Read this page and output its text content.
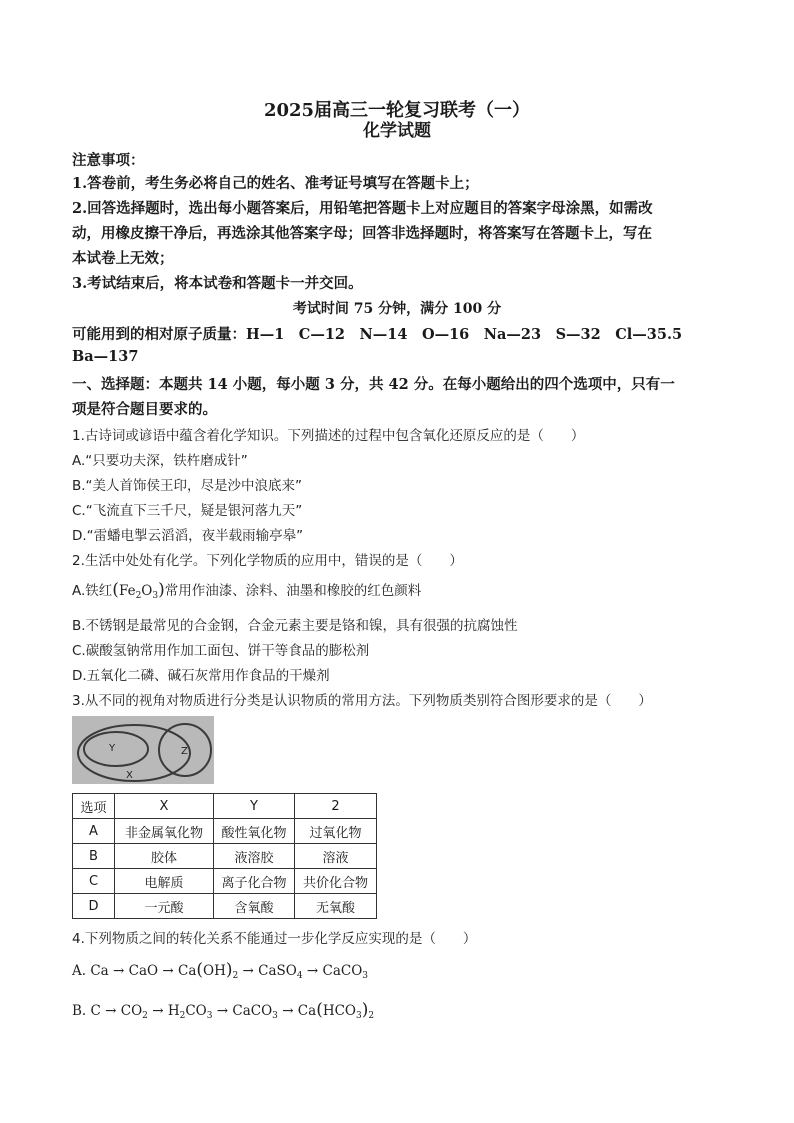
2025届高三一轮复习联考（一）
化学试题
注意事项：
1.答卷前，考生务必将自己的姓名、准考证号填写在答题卡上；
2.回答选择题时，选出每小题答案后，用铅笔把答题卡上对应题目的答案字母涂黑，如需改
动，用橡皮擦干净后，再选涂其他答案字母；回答非选择题时，将答案写在答题卡上，写在
本试卷上无效；
3.考试结束后，将本试卷和答题卡一并交回。
考试时间 75 分钟，满分 100 分
可能用到的相对原子质量：H—1　C—12　N—14　O—16　Na—23　S—32　Cl—35.5
Ba—137
一、选择题：本题共 14 小题，每小题 3 分，共 42 分。在每小题给出的四个选项中，只有一
项是符合题目要求的。
1.古诗词或谚语中蕴含着化学知识。下列描述的过程中包含氧化还原反应的是（　　）
A.“只要功夫深，铁杵磨成针”
B.“美人首饰侯王印，尽是沙中浪底来”
C.“飞流直下三千尺，疑是银河落九天”
D.“雷蟠电掣云滔滔，夜半载雨输亭皋”
2.生活中处处有化学。下列化学物质的应用中，错误的是（　　）
A.铁红$(Fe_2O_3)$常用作油漆、涂料、油墨和橡胶的红色颜料
B.不锈钢是最常见的合金钢，合金元素主要是铬和镍，具有很强的抗腐蚀性
C.碳酸氢钠常用作加工面包、饼干等食品的膨松剂
D.五氧化二磷、碱石灰常用作食品的干燥剂
3.从不同的视角对物质进行分类是认识物质的常用方法。下列物质类别符合图形要求的是（　　）
Y	Z
X
选项	X	Y	2
A	非金属氧化物	酸性氧化物	过氧化物
B	胶体	液溶胶	溶液
C	电解质	离子化合物	共价化合物
D	一元酸	含氧酸	无氧酸
4.下列物质之间的转化关系不能通过一步化学反应实现的是（　　）
A. Ca → CaO → $Ca(OH)_2$ → CaSO$_4$ → CaCO$_3$
B. $C \to CO_2 \to H_2CO_3$ → CaCO$_3$ → $Ca(HCO_3)_2$
